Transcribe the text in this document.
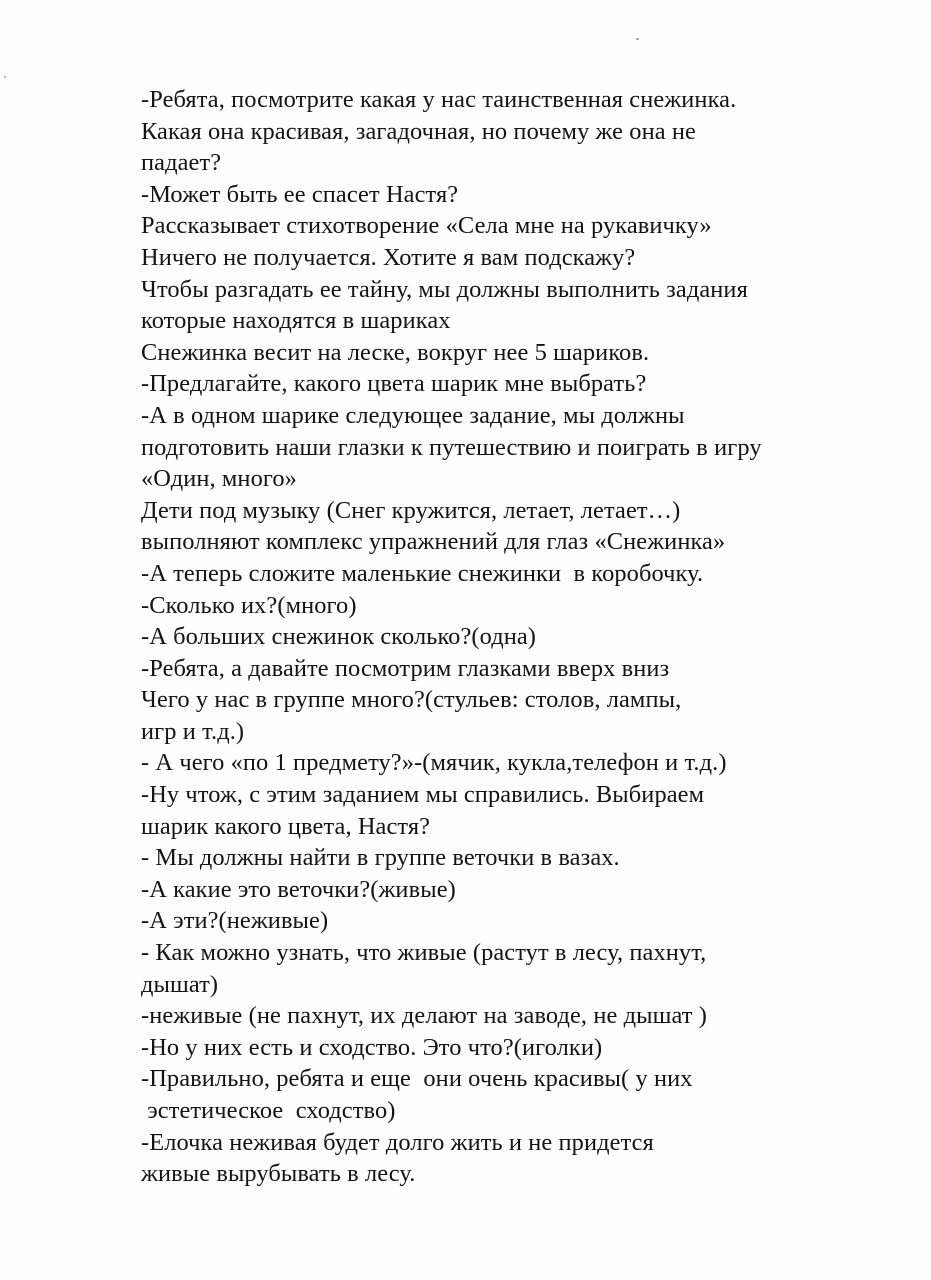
-Ребята, посмотрите какая у нас таинственная снежинка.
Какая она красивая, загадочная, но почему же она не
падает?
-Может быть ее спасет Настя?
Рассказывает стихотворение «Села мне на рукавичку»
Ничего не получается. Хотите я вам подскажу?
Чтобы разгадать ее тайну, мы должны выполнить задания
которые находятся в шариках
Снежинка весит на леске, вокруг нее 5 шариков.
-Предлагайте, какого цвета шарик мне выбрать?
-А в одном шарике следующее задание, мы должны
подготовить наши глазки к путешествию и поиграть в игру
«Один, много»
Дети под музыку (Снег кружится, летает, летает…)
выполняют комплекс упражнений для глаз «Снежинка»
-А теперь сложите маленькие снежинки  в коробочку.
-Сколько их?(много)
-А больших снежинок сколько?(одна)
-Ребята, а давайте посмотрим глазками вверх вниз
Чего у нас в группе много?(стульев: столов, лампы,
игр и т.д.)
- А чего «по 1 предмету?»-(мячик, кукла,телефон и т.д.)
-Ну чтож, с этим заданием мы справились. Выбираем
шарик какого цвета, Настя?
- Мы должны найти в группе веточки в вазах.
-А какие это веточки?(живые)
-А эти?(неживые)
- Как можно узнать, что живые (растут в лесу, пахнут,
дышат)
-неживые (не пахнут, их делают на заводе, не дышат )
-Но у них есть и сходство. Это что?(иголки)
-Правильно, ребята и еще  они очень красивы( у них
эстетическое  сходство)
-Елочка неживая будет долго жить и не придется
живые вырубывать в лесу.
